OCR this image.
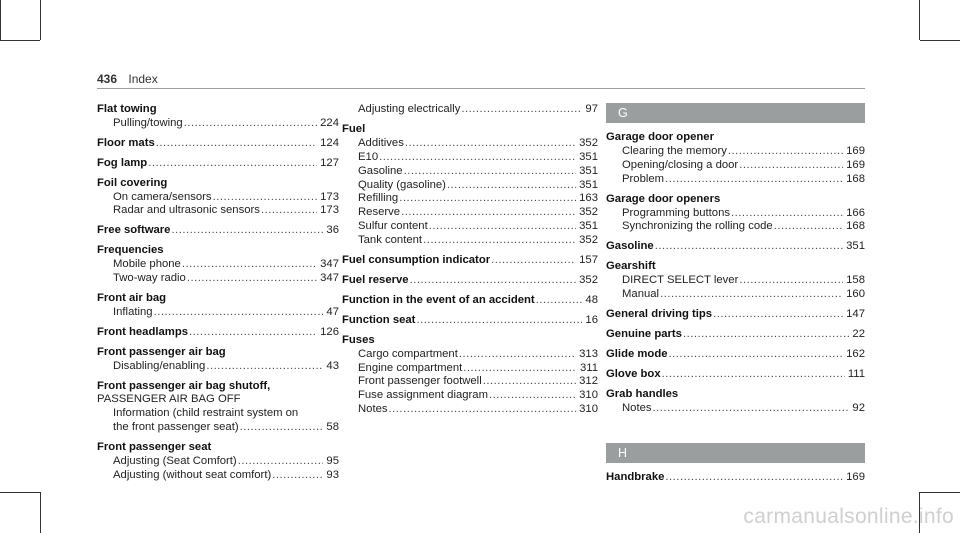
436 Index
Flat towing
Pulling/towing .....	224
Floor mats .....	124
Fog lamp .....	127
Foil covering
On camera/sensors .....	173
Radar and ultrasonic sensors .....	173
Free software .....	36
Frequencies
Mobile phone .....	347
Two-way radio .....	347
Front air bag
Inflating .....	47
Front headlamps .....	126
Front passenger air bag
Disabling/enabling .....	43
Front passenger air bag shutoff,
PASSENGER AIR BAG OFF
Information (child restraint system on
the front passenger seat) .....	58
Front passenger seat
Adjusting (Seat Comfort) .....	95
Adjusting (without seat comfort) .....	93
Adjusting electrically .....	97
Fuel
Additives .....	352
E10 .....	351
Gasoline .....	351
Quality (gasoline) .....	351
Refilling .....	163
Reserve .....	352
Sulfur content .....	351
Tank content .....	352
Fuel consumption indicator .....	157
Fuel reserve .....	352
Function in the event of an accident .....	48
Function seat .....	16
Fuses
Cargo compartment .....	313
Engine compartment .....	311
Front passenger footwell .....	312
Fuse assignment diagram .....	310
Notes .....	310
G
Garage door opener
Clearing the memory .....	169
Opening/closing a door .....	169
Problem .....	168
Garage door openers
Programming buttons .....	166
Synchronizing the rolling code .....	168
Gasoline .....	351
Gearshift
DIRECT SELECT lever .....	158
Manual .....	160
General driving tips .....	147
Genuine parts .....	22
Glide mode .....	162
Glove box .....	111
Grab handles
Notes .....	92
H
Handbrake .....	169
carmanualsonline.info
